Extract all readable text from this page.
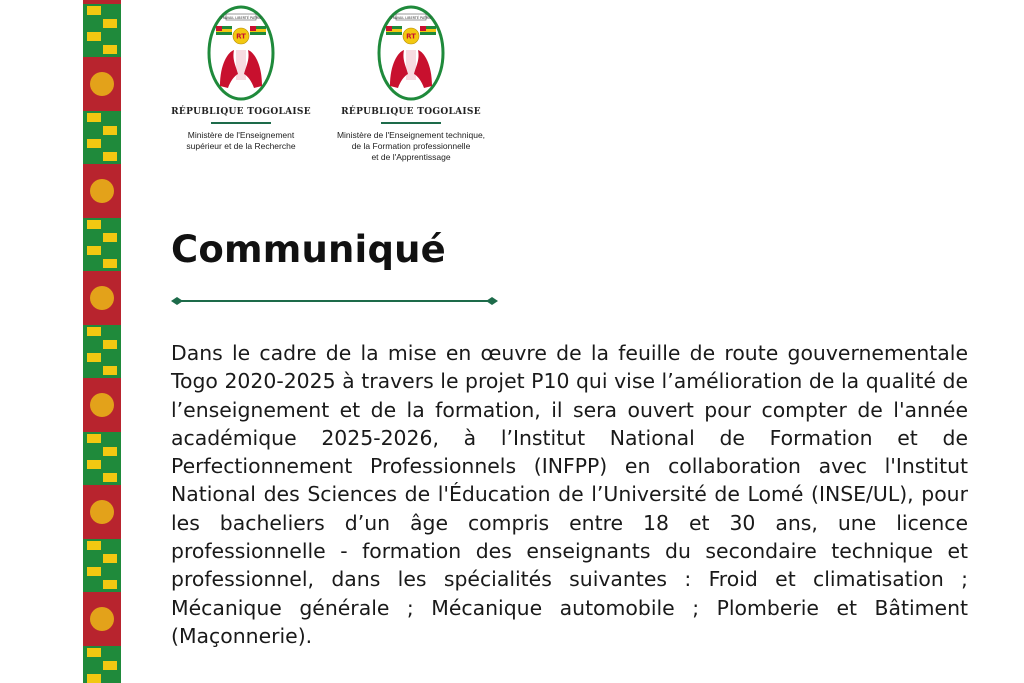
TRAVAIL LIBERTÉ PATRIE
RT
RÉPUBLIQUE TOGOLAISE
Ministère de l'Enseignement
supérieur et de la Recherche
TRAVAIL LIBERTÉ PATRIE
RT
RÉPUBLIQUE TOGOLAISE
Ministère de l'Enseignement technique,
de la Formation professionnelle
et de l'Apprentissage
Communiqué

Dans le cadre de la mise en œuvre de la feuille de route gouvernementale Togo 2020-2025 à travers le projet P10 qui vise l’amélioration de la qualité de l’enseignement et de la formation, il sera ouvert pour compter de l'année académique 2025-2026, à l’Institut National de Formation et de Perfectionnement Professionnels (INFPP) en collaboration avec l'Institut National des Sciences de l'Éducation de l’Université de Lomé (INSE/UL), pour les bacheliers d’un âge compris entre 18 et 30 ans, une licence professionnelle - formation des enseignants du secondaire technique et professionnel, dans les spécialités suivantes : Froid et climatisation ; Mécanique générale ; Mécanique automobile ; Plomberie et Bâtiment (Maçonnerie).
